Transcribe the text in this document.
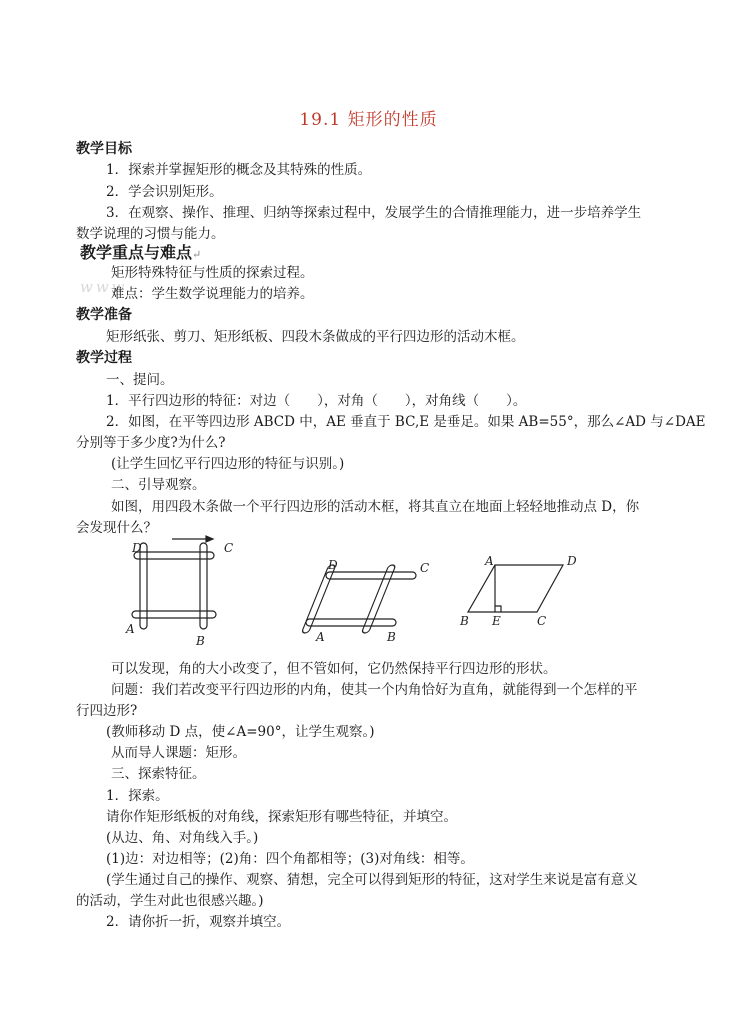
19.1 矩形的性质
教学目标
1．探索并掌握矩形的概念及其特殊的性质。
2．学会识别矩形。
3．在观察、操作、推理、归纳等探索过程中，发展学生的合情推理能力，进一步培养学生
数学说理的习惯与能力。
教学重点与难点↵
www.
矩形特殊特征与性质的探索过程。
难点：学生数学说理能力的培养。
教学准备
矩形纸张、剪刀、矩形纸板、四段木条做成的平行四边形的活动木框。
教学过程
一、提问。
1．平行四边形的特征：对边（　　），对角（　　），对角线（　　）。
2．如图，在平等四边形 ABCD 中，AE 垂直于 BC,E 是垂足。如果 AB=55°，那么∠AD 与∠DAE
分别等于多少度?为什么?
(让学生回忆平行四边形的特征与识别。)
二、引导观察。
如图，用四段木条做一个平行四边形的活动木框，将其直立在地面上轻轻地推动点 D，你
会发现什么？
D	C
A
B
D	C
A	B
A	D
B E	C
可以发现，角的大小改变了，但不管如何，它仍然保持平行四边形的形状。
问题：我们若改变平行四边形的内角，使其一个内角恰好为直角，就能得到一个怎样的平
行四边形?
(教师移动 D 点，使∠A=90°，让学生观察。)
从而导人课题：矩形。
三、探索特征。
1．探索。
请你作矩形纸板的对角线，探索矩形有哪些特征，并填空。
(从边、角、对角线入手。)
(1)边：对边相等；(2)角：四个角都相等；(3)对角线：相等。
(学生通过自己的操作、观察、猜想，完全可以得到矩形的特征，这对学生来说是富有意义
的活动，学生对此也很感兴趣。)
2．请你折一折，观察并填空。
